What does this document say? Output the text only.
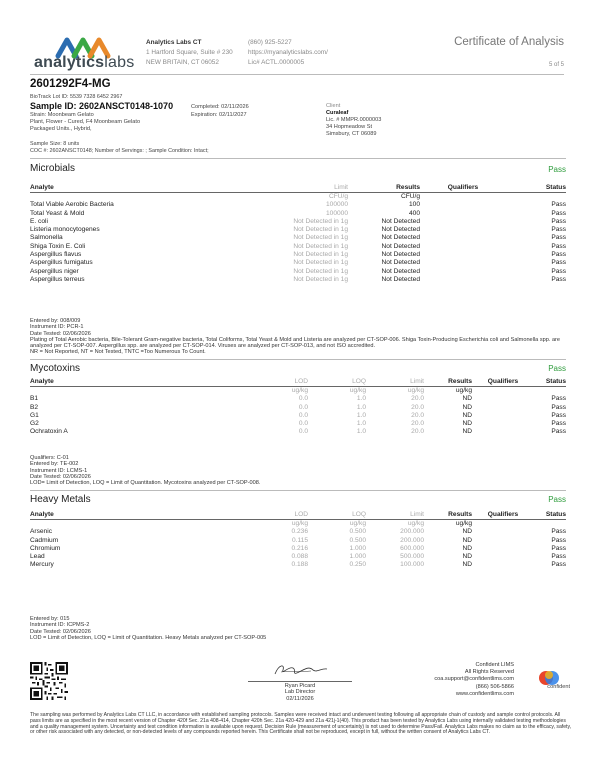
analyticslabs
Analytics Labs CT
1 Hartford Square, Suite # 230
NEW BRITAIN, CT 06052
(860) 925-5227
https://myanalyticslabs.com/
Lic# ACTL.0000005
Certificate of Analysis
5 of 5
2601292F4-MG
BioTrack Lot ID: 5539 7328 6452 2967
Sample ID: 2602ANSCT0148-1070
Strain: Moonbeam Gelato
Plant, Flower - Cured, F4 Moonbeam Gelato
Packaged Units., Hybrid,
Completed: 02/11/2026
Expiration: 02/11/2027
Client
Curaleaf
Lic. # MMPR.0000003
34 Hopmeadow St
Simsbury, CT 06089
Sample Size: 8 units
COC #: 2602ANSCT0148; Number of Servings: ; Sample Condition: Intact;
Microbials	Pass
Analyte	Limit	Results	Qualifiers	Status
	CFU/g	CFU/g		
Total Viable Aerobic Bacteria	100000	100		Pass
Total Yeast & Mold	100000	400		Pass
E. coli	Not Detected in 1g	Not Detected		Pass
Listeria monocytogenes	Not Detected in 1g	Not Detected		Pass
Salmonella	Not Detected in 1g	Not Detected		Pass
Shiga Toxin E. Coli	Not Detected in 1g	Not Detected		Pass
Aspergillus flavus	Not Detected in 1g	Not Detected		Pass
Aspergillus fumigatus	Not Detected in 1g	Not Detected		Pass
Aspergillus niger	Not Detected in 1g	Not Detected		Pass
Aspergillus terreus	Not Detected in 1g	Not Detected		Pass
Entered by: 008/009
Instrument ID: PCR-1
Date Tested: 02/06/2026
Plating of Total Aerobic bacteria, Bile-Tolerant Gram-negative bacteria, Total Coliforms, Total Yeast & Mold and Listeria are analyzed per CT-SOP-006. Shiga Toxin-Producing Escherichia coli and Salmonella spp. are analyzed per CT-SOP-007. Aspergillus spp. are analyzed per CT-SOP-014. Viruses are analyzed per CT-SOP-013, and not ISO accredited.
NR = Not Reported, NT = Not Tested, TNTC =Too Numerous To Count.
Mycotoxins	Pass
Analyte	LOD	LOQ	Limit	Results	Qualifiers	Status
	ug/kg	ug/kg	ug/kg	ug/kg		
B1	0.0	1.0	20.0	ND		Pass
B2	0.0	1.0	20.0	ND		Pass
G1	0.0	1.0	20.0	ND		Pass
G2	0.0	1.0	20.0	ND		Pass
Ochratoxin A	0.0	1.0	20.0	ND		Pass
Qualifiers: C-01
Entered by: TE-002
Instrument ID: LCMS-1
Date Tested: 02/06/2026
LOD= Limit of Detection, LOQ = Limit of Quantitation. Mycotoxins analyzed per CT-SOP-008.
Heavy Metals	Pass
Analyte	LOD	LOQ	Limit	Results	Qualifiers	Status
	ug/kg	ug/kg	ug/kg	ug/kg		
Arsenic	0.236	0.500	200.000	ND		Pass
Cadmium	0.115	0.500	200.000	ND		Pass
Chromium	0.216	1.000	600.000	ND		Pass
Lead	0.088	1.000	500.000	ND		Pass
Mercury	0.188	0.250	100.000	ND		Pass
Entered by: 015
Instrument ID: ICPMS-2
Date Tested: 02/06/2026
LOD = Limit of Detection, LOQ = Limit of Quantitation. Heavy Metals analyzed per CT-SOP-005
Ryan Picard
Lab Director
02/11/2026
Confident LIMS
All Rights Reserved
coa.support@confidentlims.com
(866) 506-5866
www.confidentlims.com
confident
The sampling was performed by Analytics Labs CT LLC, in accordance with established sampling protocols. Samples were received intact and underwent testing following all appropriate chain of custody and sample control protocols. All pass limits are as specified in the most recent version of Chapter 420f Sec. 21a 408-414, Chapter 420h Sec. 21a 420-429 and 21a 421j-1(40). This product has been tested by Analytics Labs using internally validated testing methodologies and a quality management system. Uncertainty and test condition information is available upon request. Decision Rule (measurement of uncertainty) is not used to determine Pass/Fail. Analytics Labs makes no claim as to the efficacy, safety, or other risk associated with any detected, or non-detected levels of any compounds reported herein. This Certificate shall not be reproduced, except in full, without the written consent of Analytics Labs CT.
